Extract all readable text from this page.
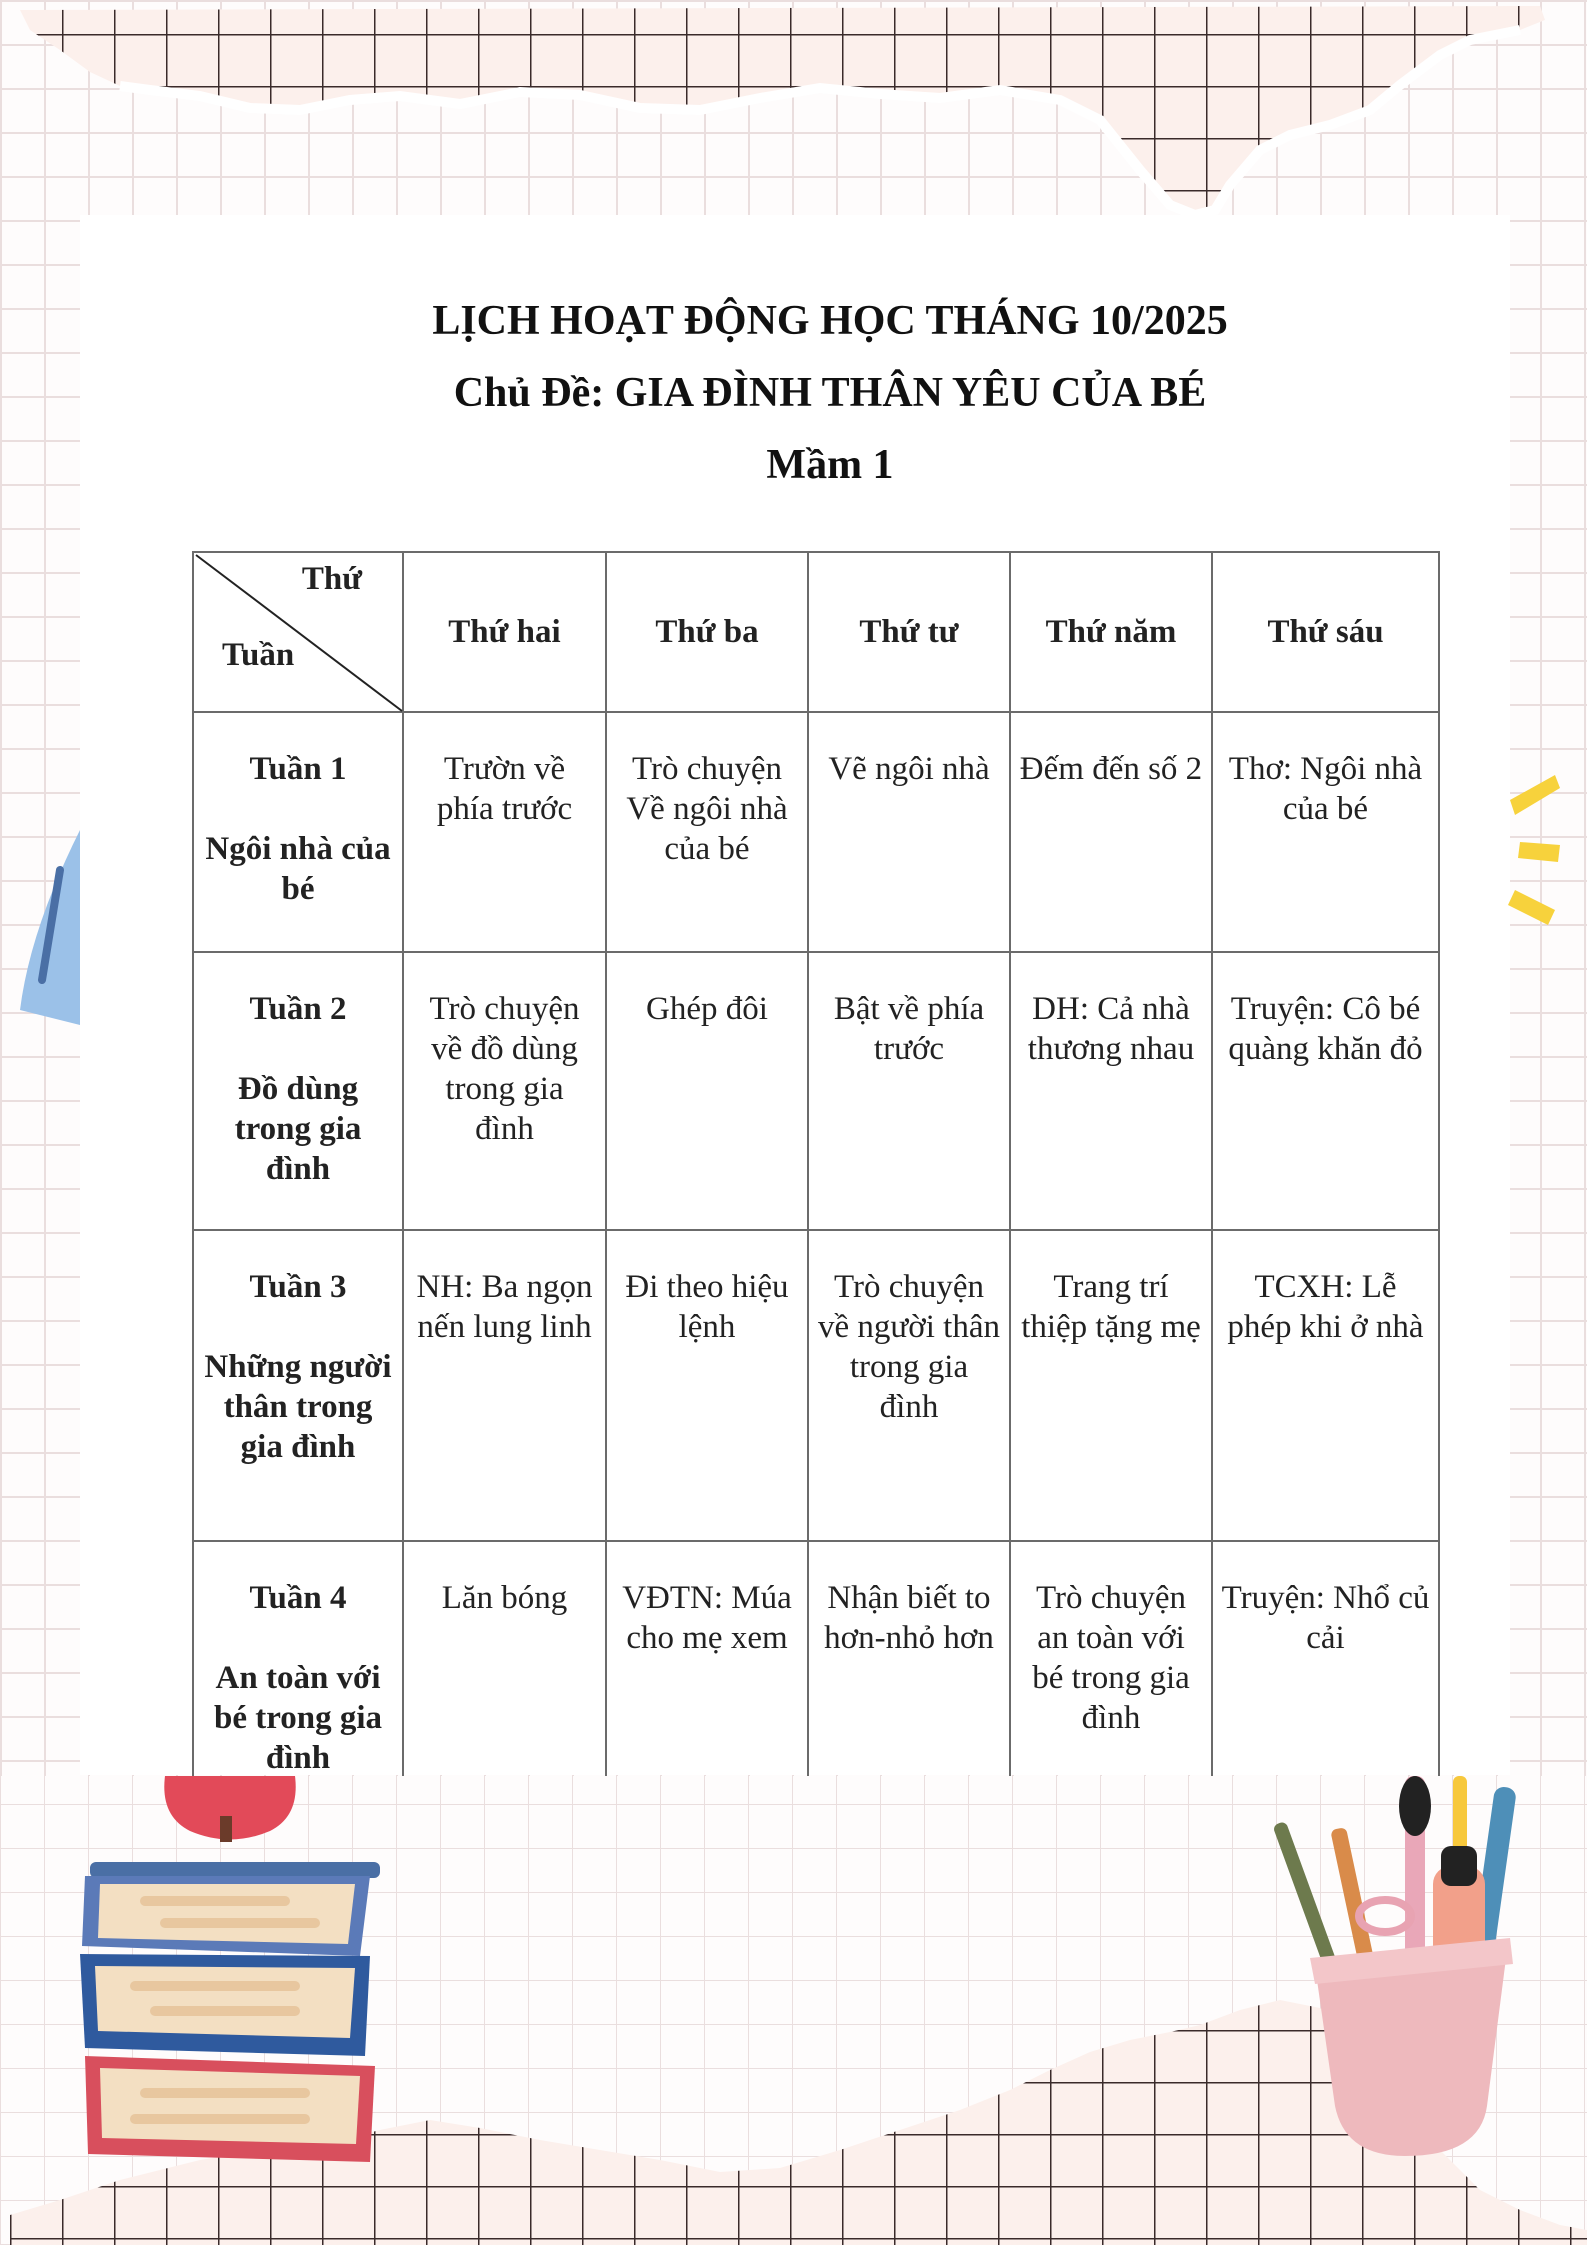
LỊCH HOẠT ĐỘNG HỌC THÁNG 10/2025
Chủ Đề: GIA ĐÌNH THÂN YÊU CỦA BÉ
Mầm 1
Thứ
Tuần	Thứ hai	Thứ ba	Thứ tư	Thứ năm	Thứ sáu

Tuần 1
Ngôi nhà của bé	Trườn về phía trước	Trò chuyện Về ngôi nhà của bé	Vẽ ngôi nhà	Đếm đến số 2	Thơ: Ngôi nhà của bé

Tuần 2
Đồ dùng trong gia đình	Trò chuyện về đồ dùng trong gia đình	Ghép đôi	Bật về phía trước	DH: Cả nhà thương nhau	Truyện: Cô bé quàng khăn đỏ

Tuần 3
Những người thân trong gia đình	NH: Ba ngọn nến lung linh	Đi theo hiệu lệnh	Trò chuyện về người thân trong gia đình	Trang trí thiệp tặng mẹ	TCXH: Lễ phép khi ở nhà

Tuần 4
An toàn với bé trong gia đình	Lăn bóng	VĐTN: Múa cho mẹ xem	Nhận biết to hơn-nhỏ hơn	Trò chuyện an toàn với bé trong gia đình	Truyện: Nhổ củ cải
